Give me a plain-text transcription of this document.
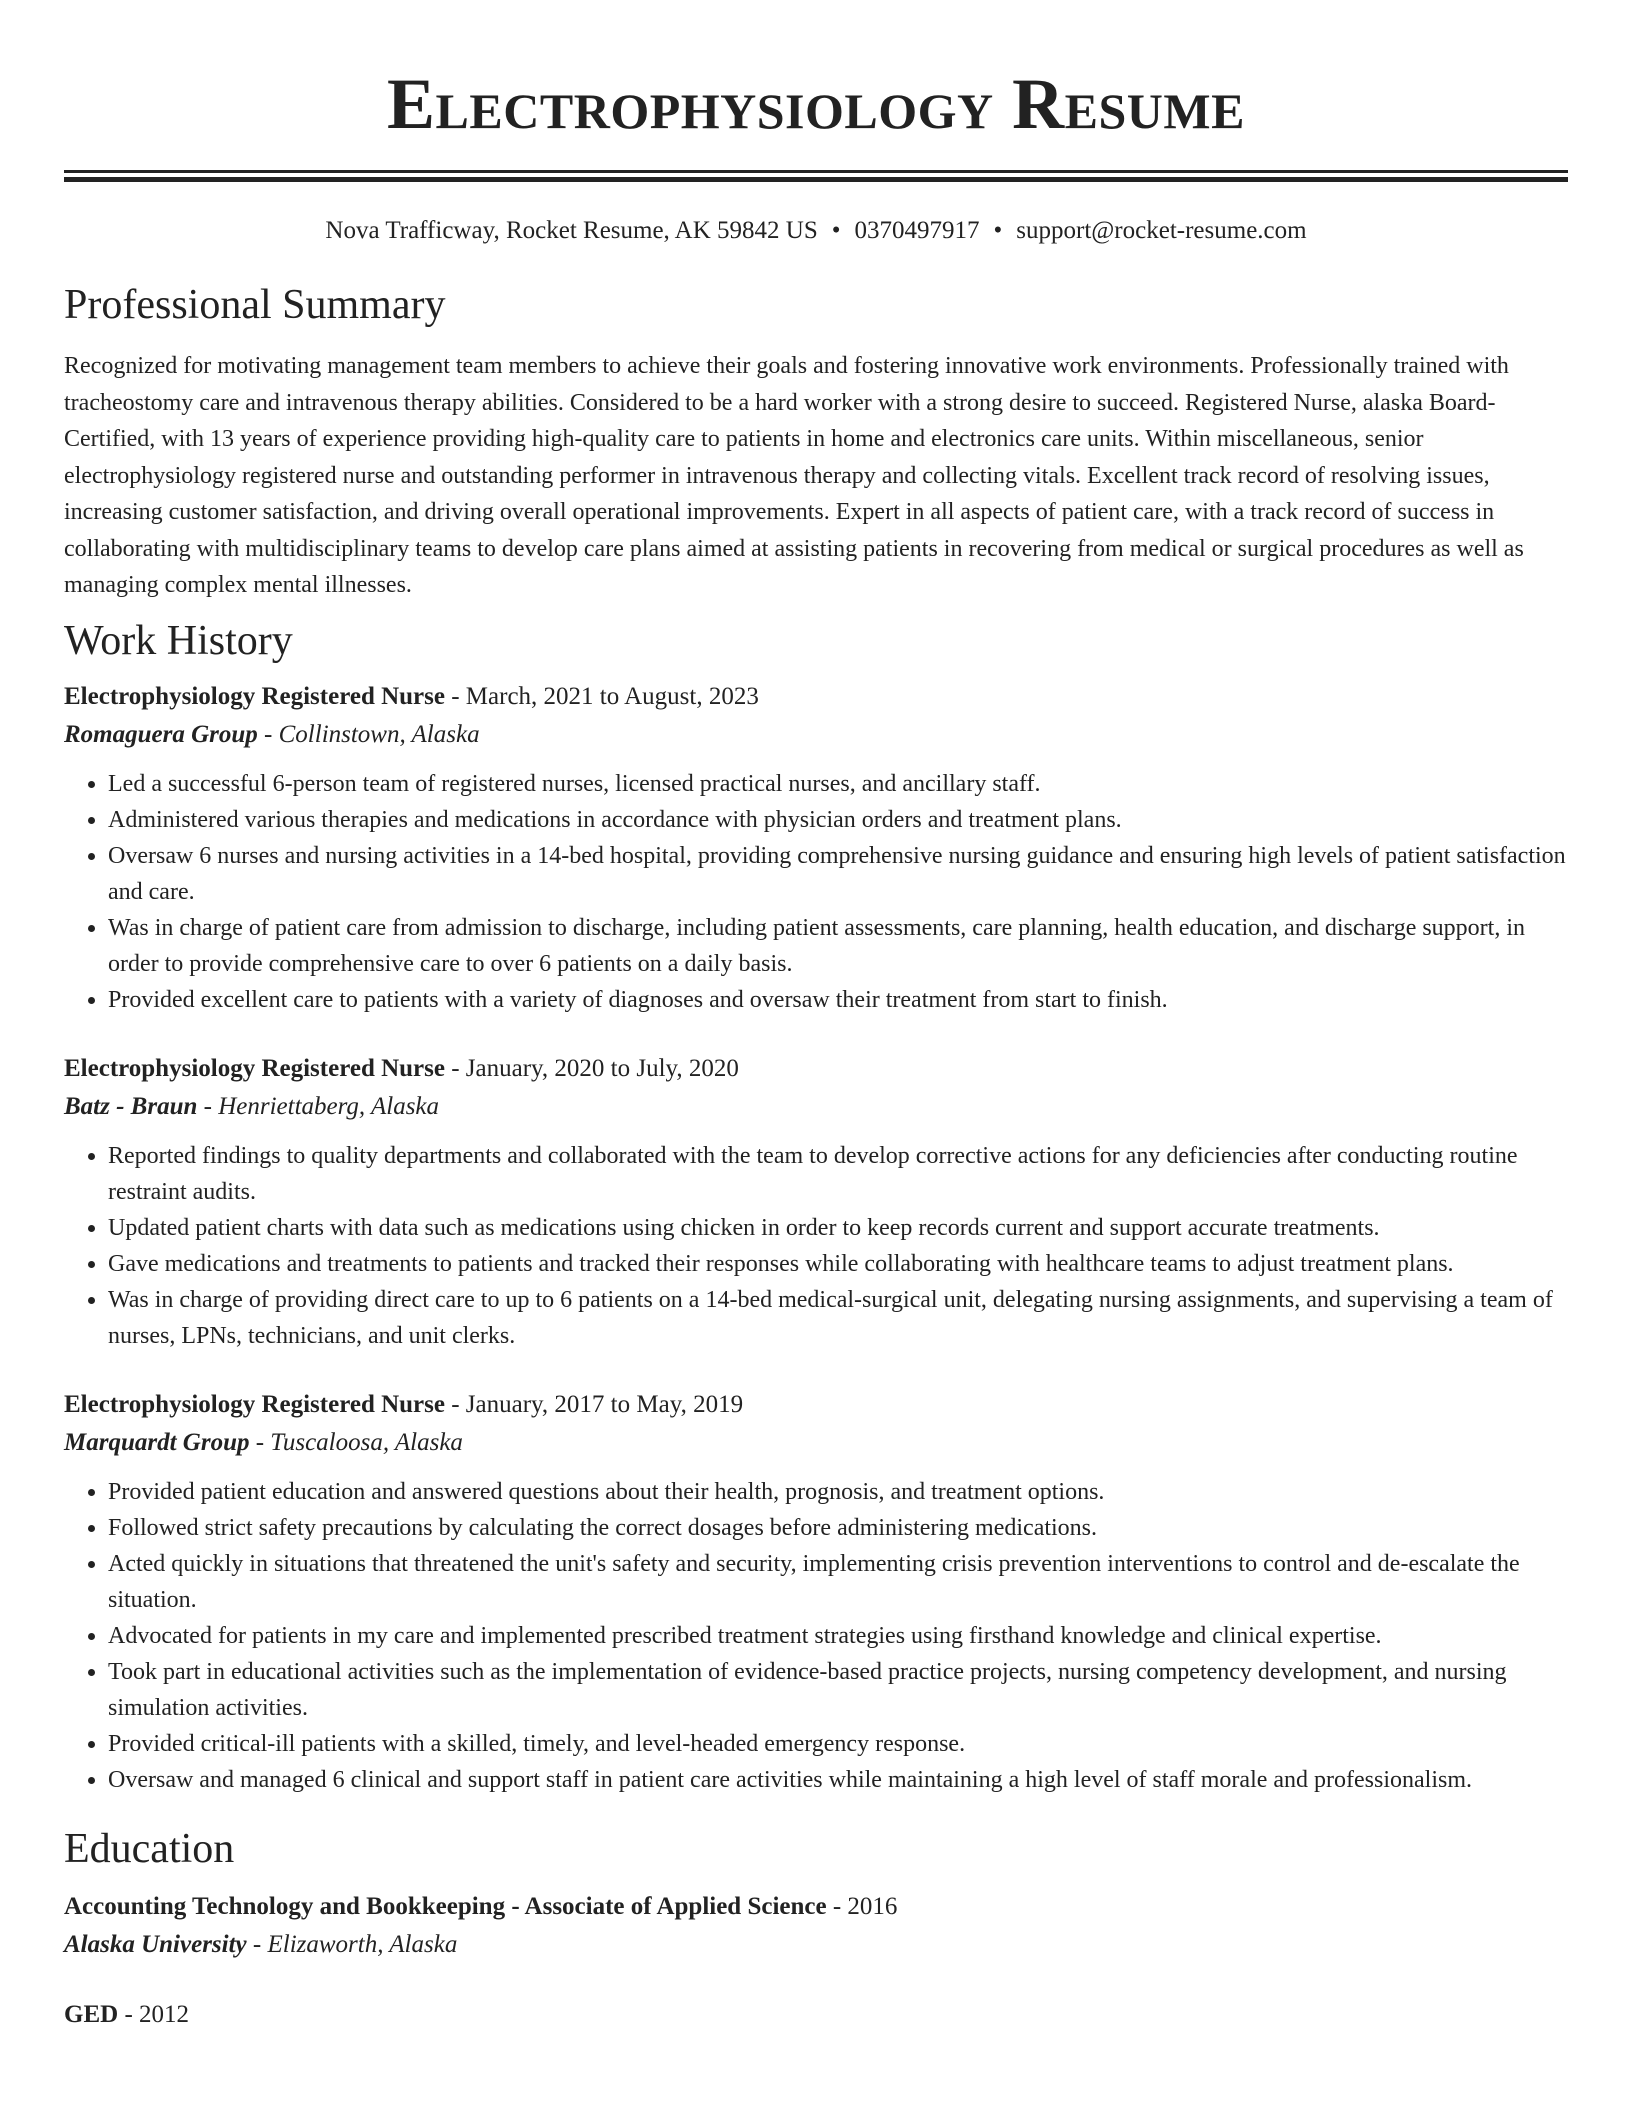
Electrophysiology Resume
Nova Trafficway, Rocket Resume, AK 59842 US • 0370497917 • support@rocket-resume.com
Professional Summary

Recognized for motivating management team members to achieve their goals and fostering innovative work environments. Professionally trained with tracheostomy care and intravenous therapy abilities. Considered to be a hard worker with a strong desire to succeed. Registered Nurse, alaska Board-Certified, with 13 years of experience providing high-quality care to patients in home and electronics care units. Within miscellaneous, senior electrophysiology registered nurse and outstanding performer in intravenous therapy and collecting vitals. Excellent track record of resolving issues, increasing customer satisfaction, and driving overall operational improvements. Expert in all aspects of patient care, with a track record of success in collaborating with multidisciplinary teams to develop care plans aimed at assisting patients in recovering from medical or surgical procedures as well as managing complex mental illnesses.

Work History

Electrophysiology Registered Nurse - March, 2021 to August, 2023

Romaguera Group - Collinstown, Alaska

• Led a successful 6-person team of registered nurses, licensed practical nurses, and ancillary staff.
• Administered various therapies and medications in accordance with physician orders and treatment plans.
• Oversaw 6 nurses and nursing activities in a 14-bed hospital, providing comprehensive nursing guidance and ensuring high levels of patient satisfaction and care.
• Was in charge of patient care from admission to discharge, including patient assessments, care planning, health education, and discharge support, in order to provide comprehensive care to over 6 patients on a daily basis.
• Provided excellent care to patients with a variety of diagnoses and oversaw their treatment from start to finish.

Electrophysiology Registered Nurse - January, 2020 to July, 2020

Batz - Braun - Henriettaberg, Alaska

• Reported findings to quality departments and collaborated with the team to develop corrective actions for any deficiencies after conducting routine restraint audits.
• Updated patient charts with data such as medications using chicken in order to keep records current and support accurate treatments.
• Gave medications and treatments to patients and tracked their responses while collaborating with healthcare teams to adjust treatment plans.
• Was in charge of providing direct care to up to 6 patients on a 14-bed medical-surgical unit, delegating nursing assignments, and supervising a team of nurses, LPNs, technicians, and unit clerks.

Electrophysiology Registered Nurse - January, 2017 to May, 2019

Marquardt Group - Tuscaloosa, Alaska

• Provided patient education and answered questions about their health, prognosis, and treatment options.
• Followed strict safety precautions by calculating the correct dosages before administering medications.
• Acted quickly in situations that threatened the unit's safety and security, implementing crisis prevention interventions to control and de-escalate the situation.
• Advocated for patients in my care and implemented prescribed treatment strategies using firsthand knowledge and clinical expertise.
• Took part in educational activities such as the implementation of evidence-based practice projects, nursing competency development, and nursing simulation activities.
• Provided critical-ill patients with a skilled, timely, and level-headed emergency response.
• Oversaw and managed 6 clinical and support staff in patient care activities while maintaining a high level of staff morale and professionalism.
Education

Accounting Technology and Bookkeeping - Associate of Applied Science - 2016

Alaska University - Elizaworth, Alaska

GED - 2012
